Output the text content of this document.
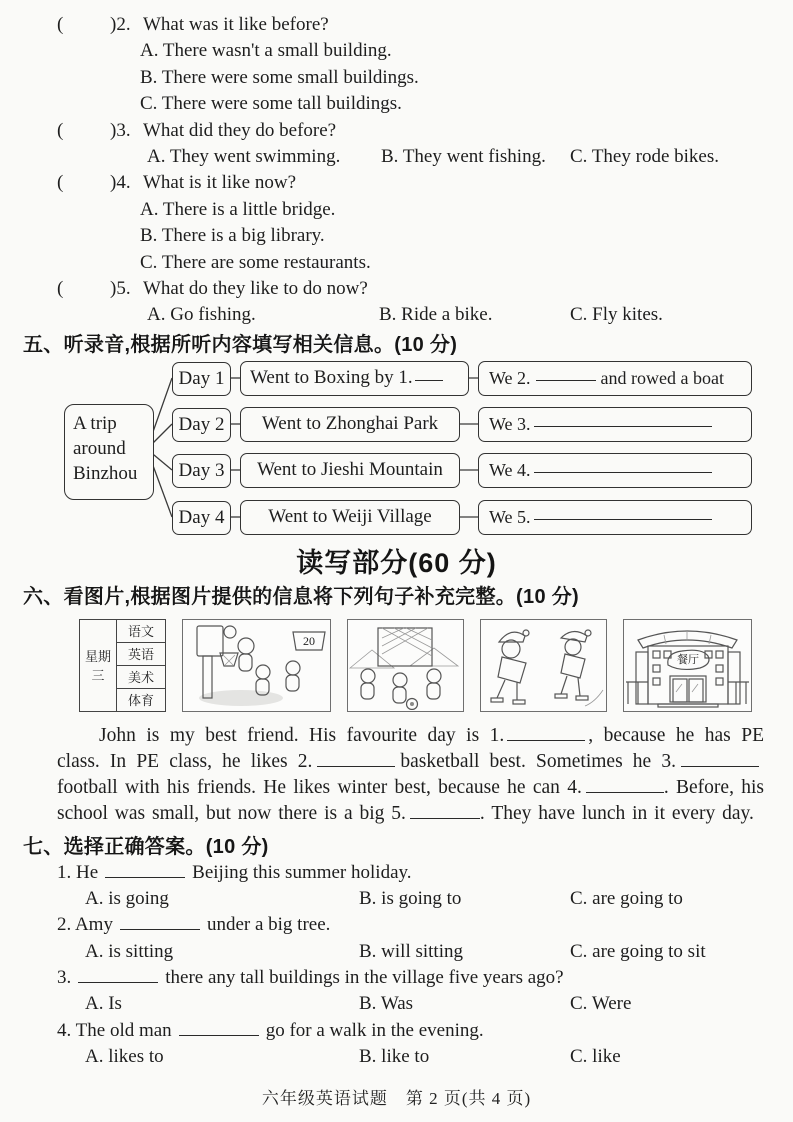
( )2. What was it like before?
A. There wasn't a small building.
B. There were some small buildings.
C. There were some tall buildings.
( )3. What did they do before?
A. They went swimming. B. They went fishing. C. They rode bikes.
( )4. What is it like now?
A. There is a little bridge.
B. There is a big library.
C. There are some restaurants.
( )5. What do they like to do now?
A. Go fishing.	B. Ride a bike.	C. Fly kites.
五、听录音,根据所听内容填写相关信息。(10 分)
A trip around Binzhou
Day 1	Went to Boxing by 1.	We 2.	and rowed a boat
Day 2	Went to Zhonghai Park	We 3.
Day 3	Went to Jieshi Mountain	We 4.
Day 4	Went to Weiji Village	We 5.
读写部分(60 分)
六、看图片,根据图片提供的信息将下列句子补充完整。(10 分)
星期三	语文
英语
美术
体育
20
餐厅

John is my best friend. His favourite day is 1.	, because he has PE class. In PE class, he likes 2.	basketball best. Sometimes he 3.football with his friends. He likes winter best, because he can 4.	. Before, his school was small, but now there is a big 5.	. They have lunch in it every day.

七、选择正确答案。(10 分)
1. He	Beijing this summer holiday.
A. is going	B. is going to	C. are going to
2. Amy	under a big tree.
A. is sitting	B. will sitting	C. are going to sit
3.	there any tall buildings in the village five years ago?
A. Is	B. Was	C. Were
4. The old man	go for a walk in the evening.
A. likes to	B. like to	C. like
六年级英语试题　第 2 页(共 4 页)
